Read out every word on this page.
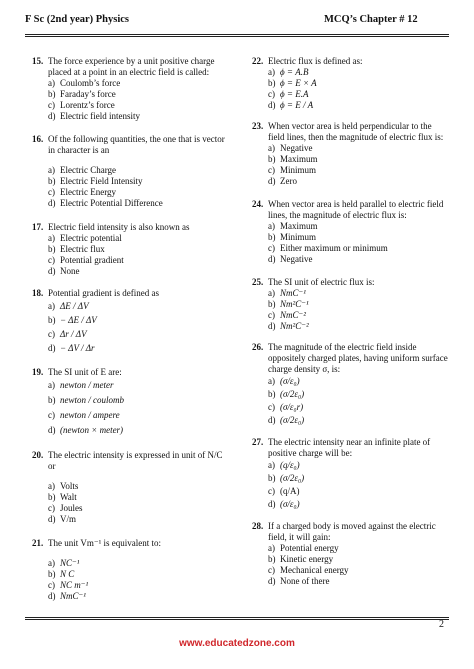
F Sc (2nd year) Physics	MCQ’s Chapter # 12
15. The force experience by a unit positive charge placed at a point in an electric field is called:
a) Coulomb’s force
b) Faraday’s force
c) Lorentz’s force
d) Electric field intensity
16. Of the following quantities, the one that is vector in character is an
a) Electric Charge
b) Electric Field Intensity
c) Electric Energy
d) Electric Potential Difference
17. Electric field intensity is also known as
a) Electric potential
b) Electric flux
c) Potential gradient
d) None
18. Potential gradient is defined as
a) ΔE / ΔV
b) − ΔE / ΔV
c) Δr / ΔV
d) − ΔV / Δr
19. The SI unit of E are:
a) newton / meter
b) newton / coulomb
c) newton / ampere
d) (newton × meter)
20. The electric intensity is expressed in unit of N/C or
a) Volts
b) Walt
c) Joules
d) V/m
21. The unit Vm⁻¹ is equivalent to:
a) NC⁻¹
b) N C
c) NC m⁻¹
d) NmC⁻¹
22. Electric flux is defined as:
a) ϕ = A.B
b) ϕ = E × A
c) ϕ = E.A
d) ϕ = E / A
23. When vector area is held perpendicular to the field lines, then the magnitude of electric flux is:
a) Negative
b) Maximum
c) Minimum
d) Zero
24. When vector area is held parallel to electric field lines, the magnitude of electric flux is:
a) Maximum
b) Minimum
c) Either maximum or minimum
d) Negative
25. The SI unit of electric flux is:
a) NmC⁻¹
b) Nm²C⁻¹
c) NmC⁻²
d) Nm²C⁻²
26. The magnitude of the electric field inside oppositely charged plates, having uniform surface charge density σ, is:
a) (σ/ε₀)
b) (σ/2ε₀)
c) (σ/ε₀r)
d) (σ/2ε₀)
27. The electric intensity near an infinite plate of positive charge will be:
a) (q/ε₀)
b) (σ/2ε₀)
c) (q/A)
d) (σ/ε₀)
28. If a charged body is moved against the electric field, it will gain:
a) Potential energy
b) Kinetic energy
c) Mechanical energy
d) None of there
2
www.educatedzone.com
